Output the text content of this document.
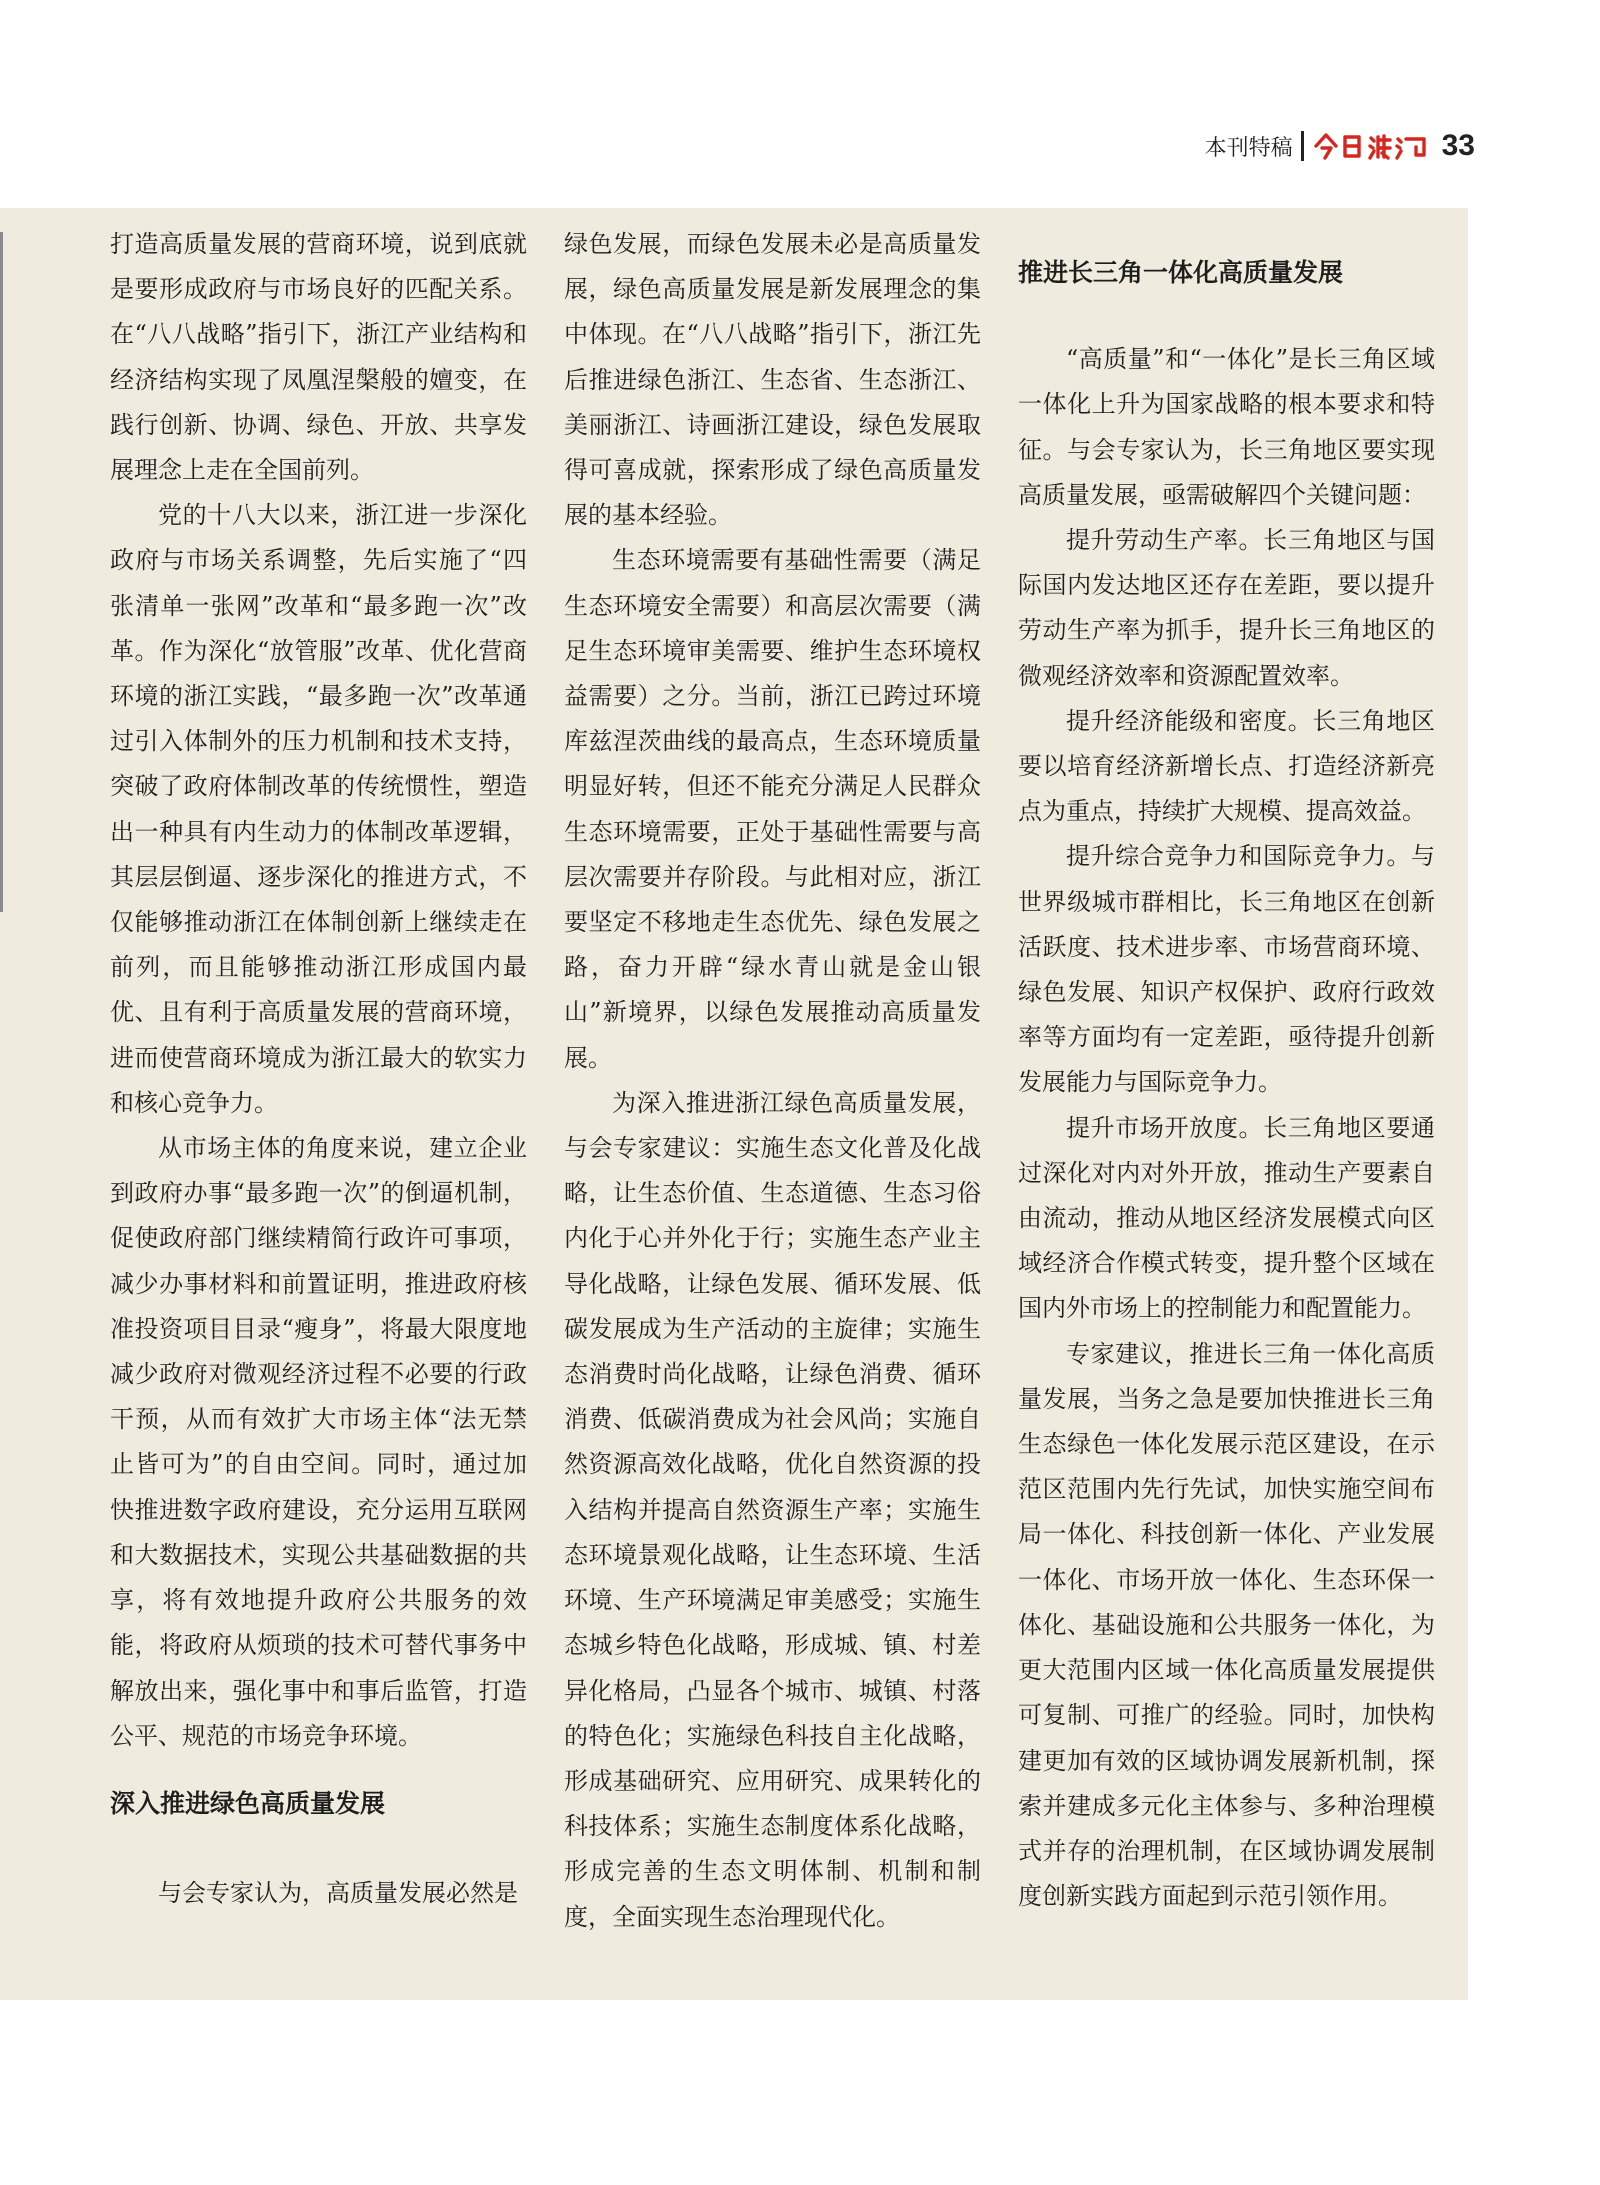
本刊特稿	33

打造高质量发展的营商环境，说到底就是要形成政府与市场良好的匹配关系。在“八八战略”指引下，浙江产业结构和经济结构实现了凤凰涅槃般的嬗变，在践行创新、协调、绿色、开放、共享发展理念上走在全国前列。

党的十八大以来，浙江进一步深化政府与市场关系调整，先后实施了“四张清单一张网”改革和“最多跑一次”改革。作为深化“放管服”改革、优化营商环境的浙江实践，“最多跑一次”改革通过引入体制外的压力机制和技术支持，突破了政府体制改革的传统惯性，塑造出一种具有内生动力的体制改革逻辑，其层层倒逼、逐步深化的推进方式，不仅能够推动浙江在体制创新上继续走在前列，而且能够推动浙江形成国内最优、且有利于高质量发展的营商环境，进而使营商环境成为浙江最大的软实力和核心竞争力。

从市场主体的角度来说，建立企业到政府办事“最多跑一次”的倒逼机制，促使政府部门继续精简行政许可事项，减少办事材料和前置证明，推进政府核准投资项目目录“瘦身”，将最大限度地减少政府对微观经济过程不必要的行政干预，从而有效扩大市场主体“法无禁止皆可为”的自由空间。同时，通过加快推进数字政府建设，充分运用互联网和大数据技术，实现公共基础数据的共享，将有效地提升政府公共服务的效能，将政府从烦琐的技术可替代事务中解放出来，强化事中和事后监管，打造公平、规范的市场竞争环境。

深入推进绿色高质量发展

与会专家认为，高质量发展必然是

绿色发展，而绿色发展未必是高质量发展，绿色高质量发展是新发展理念的集中体现。在“八八战略”指引下，浙江先后推进绿色浙江、生态省、生态浙江、美丽浙江、诗画浙江建设，绿色发展取得可喜成就，探索形成了绿色高质量发展的基本经验。

生态环境需要有基础性需要（满足生态环境安全需要）和高层次需要（满足生态环境审美需要、维护生态环境权益需要）之分。当前，浙江已跨过环境库兹涅茨曲线的最高点，生态环境质量明显好转，但还不能充分满足人民群众生态环境需要，正处于基础性需要与高层次需要并存阶段。与此相对应，浙江要坚定不移地走生态优先、绿色发展之路，奋力开辟“绿水青山就是金山银山”新境界，以绿色发展推动高质量发展。

为深入推进浙江绿色高质量发展，与会专家建议：实施生态文化普及化战略，让生态价值、生态道德、生态习俗内化于心并外化于行；实施生态产业主导化战略，让绿色发展、循环发展、低碳发展成为生产活动的主旋律；实施生态消费时尚化战略，让绿色消费、循环消费、低碳消费成为社会风尚；实施自然资源高效化战略，优化自然资源的投入结构并提高自然资源生产率；实施生态环境景观化战略，让生态环境、生活环境、生产环境满足审美感受；实施生态城乡特色化战略，形成城、镇、村差异化格局，凸显各个城市、城镇、村落的特色化；实施绿色科技自主化战略，形成基础研究、应用研究、成果转化的科技体系；实施生态制度体系化战略，形成完善的生态文明体制、机制和制度，全面实现生态治理现代化。

推进长三角一体化高质量发展

“高质量”和“一体化”是长三角区域一体化上升为国家战略的根本要求和特征。与会专家认为，长三角地区要实现高质量发展，亟需破解四个关键问题：

提升劳动生产率。长三角地区与国际国内发达地区还存在差距，要以提升劳动生产率为抓手，提升长三角地区的微观经济效率和资源配置效率。

提升经济能级和密度。长三角地区要以培育经济新增长点、打造经济新亮点为重点，持续扩大规模、提高效益。

提升综合竞争力和国际竞争力。与世界级城市群相比，长三角地区在创新活跃度、技术进步率、市场营商环境、绿色发展、知识产权保护、政府行政效率等方面均有一定差距，亟待提升创新发展能力与国际竞争力。

提升市场开放度。长三角地区要通过深化对内对外开放，推动生产要素自由流动，推动从地区经济发展模式向区域经济合作模式转变，提升整个区域在国内外市场上的控制能力和配置能力。

专家建议，推进长三角一体化高质量发展，当务之急是要加快推进长三角生态绿色一体化发展示范区建设，在示范区范围内先行先试，加快实施空间布局一体化、科技创新一体化、产业发展一体化、市场开放一体化、生态环保一体化、基础设施和公共服务一体化，为更大范围内区域一体化高质量发展提供可复制、可推广的经验。同时，加快构建更加有效的区域协调发展新机制，探索并建成多元化主体参与、多种治理模式并存的治理机制，在区域协调发展制度创新实践方面起到示范引领作用。
